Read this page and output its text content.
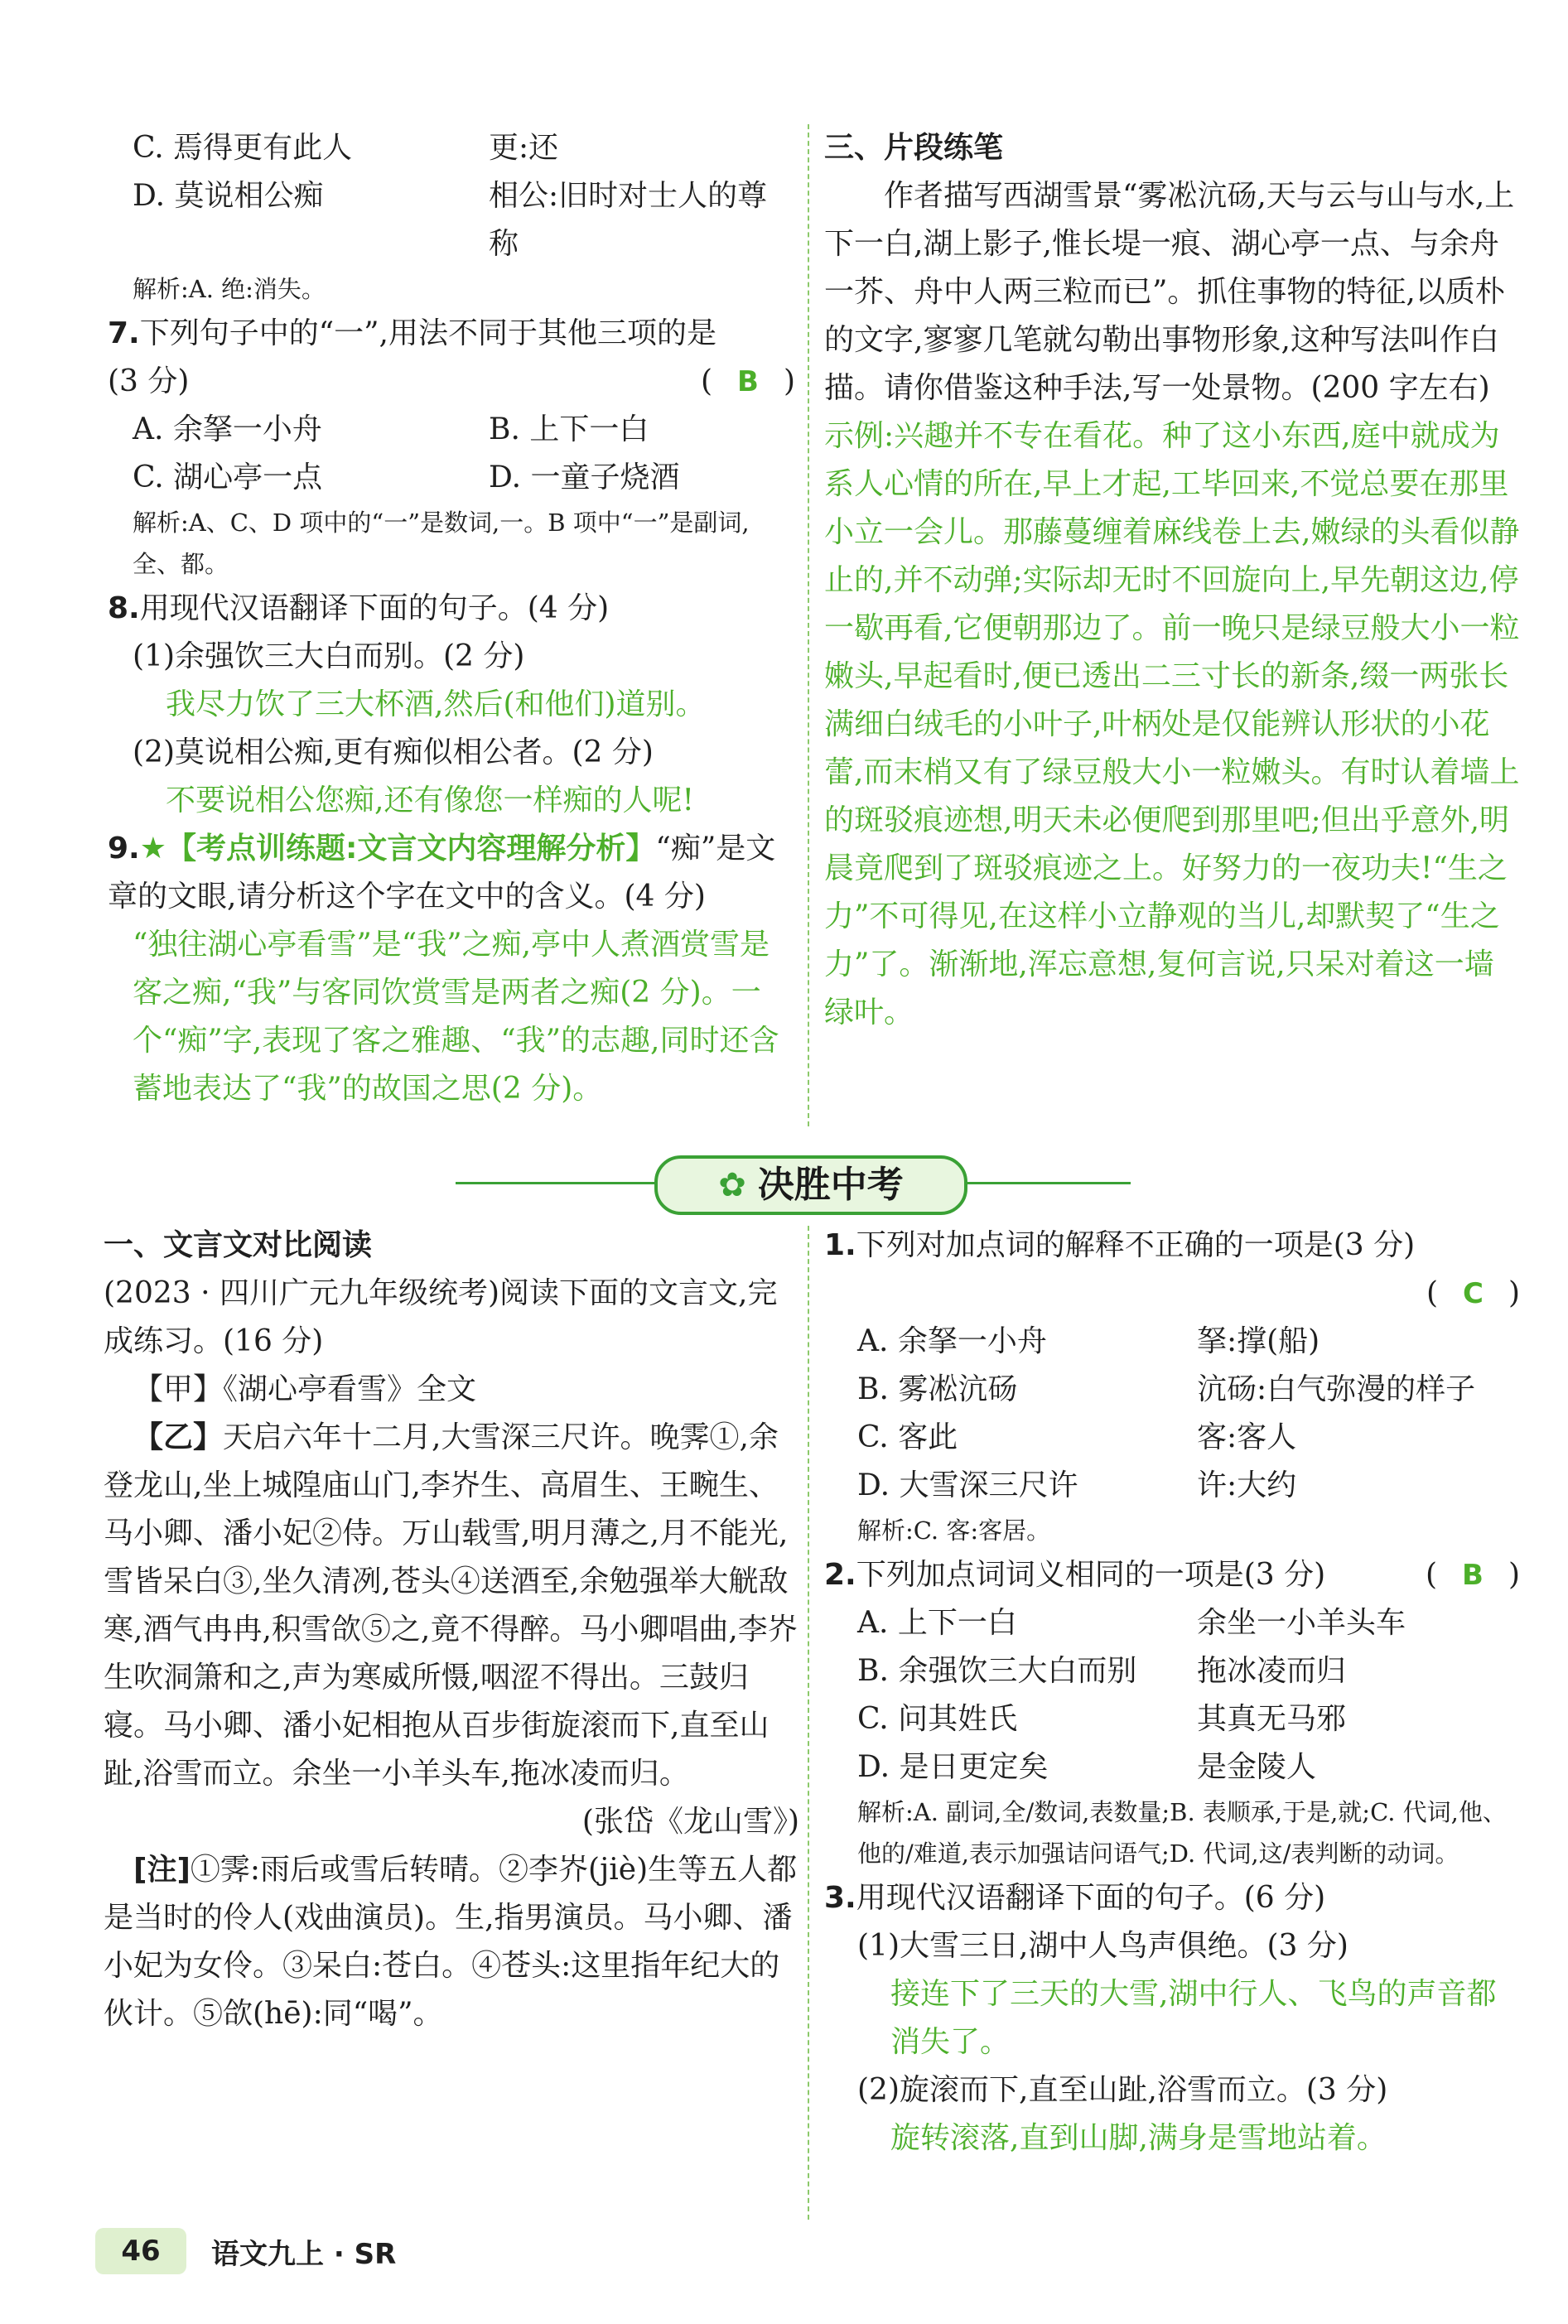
C. 焉得更有此人	更:还
D. 莫说相公痴	相公:旧时对士人的尊称

解析:A. 绝:消失。

7.下列句子中的“一”,用法不同于其他三项的是

(3 分)	( B )
A. 余拏一小舟	B. 上下一白
C. 湖心亭一点	D. 一童子烧酒

解析:A、C、D 项中的“一”是数词,一。B 项中“一”是副词,全、都。

8.用现代汉语翻译下面的句子。(4 分)

(1)余强饮三大白而别。(2 分)

我尽力饮了三大杯酒,然后(和他们)道别。

(2)莫说相公痴,更有痴似相公者。(2 分)

不要说相公您痴,还有像您一样痴的人呢!

9.★【考点训练题:文言文内容理解分析】“痴”是文章的文眼,请分析这个字在文中的含义。(4 分)

“独往湖心亭看雪”是“我”之痴,亭中人煮酒赏雪是客之痴,“我”与客同饮赏雪是两者之痴(2 分)。一个“痴”字,表现了客之雅趣、“我”的志趣,同时还含蓄地表达了“我”的故国之思(2 分)。

三、片段练笔

作者描写西湖雪景“雾凇沆砀,天与云与山与水,上下一白,湖上影子,惟长堤一痕、湖心亭一点、与余舟一芥、舟中人两三粒而已”。抓住事物的特征,以质朴的文字,寥寥几笔就勾勒出事物形象,这种写法叫作白描。请你借鉴这种手法,写一处景物。(200 字左右)

示例:兴趣并不专在看花。种了这小东西,庭中就成为系人心情的所在,早上才起,工毕回来,不觉总要在那里小立一会儿。那藤蔓缠着麻线卷上去,嫩绿的头看似静止的,并不动弹;实际却无时不回旋向上,早先朝这边,停一歇再看,它便朝那边了。前一晚只是绿豆般大小一粒嫩头,早起看时,便已透出二三寸长的新条,缀一两张长满细白绒毛的小叶子,叶柄处是仅能辨认形状的小花蕾,而末梢又有了绿豆般大小一粒嫩头。有时认着墙上的斑驳痕迹想,明天未必便爬到那里吧;但出乎意外,明晨竟爬到了斑驳痕迹之上。好努力的一夜功夫!“生之力”不可得见,在这样小立静观的当儿,却默契了“生之力”了。渐渐地,浑忘意想,复何言说,只呆对着这一墙绿叶。

✿ 决胜中考

一、文言文对比阅读

(2023 · 四川广元九年级统考)阅读下面的文言文,完成练习。(16 分)

【甲】《湖心亭看雪》全文

【乙】天启六年十二月,大雪深三尺许。晚霁①,余登龙山,坐上城隍庙山门,李岕生、高眉生、王畹生、马小卿、潘小妃②侍。万山载雪,明月薄之,月不能光,雪皆呆白③,坐久清冽,苍头④送酒至,余勉强举大觥敌寒,酒气冉冉,积雪欱⑤之,竟不得醉。马小卿唱曲,李岕生吹洞箫和之,声为寒威所慑,咽涩不得出。三鼓归寝。马小卿、潘小妃相抱从百步街旋滚而下,直至山趾,浴雪而立。余坐一小羊头车,拖冰凌而归。

(张岱《龙山雪》)

[注]①霁:雨后或雪后转晴。②李岕(jiè)生等五人都是当时的伶人(戏曲演员)。生,指男演员。马小卿、潘小妃为女伶。③呆白:苍白。④苍头:这里指年纪大的伙计。⑤欱(hē):同“喝”。

1.下列对加点词的解释不正确的一项是(3 分)

( C )

A. 余拏一小舟	拏:撑(船)
B. 雾凇沆砀	沆砀:白气弥漫的样子
C. 客此	客:客人
D. 大雪深三尺许	许:大约

解析:C. 客:客居。

2.下列加点词词义相同的一项是(3 分)	( B )
A. 上下一白	余坐一小羊头车
B. 余强饮三大白而别	拖冰凌而归
C. 问其姓氏	其真无马邪
D. 是日更定矣	是金陵人

解析:A. 副词,全/数词,表数量;B. 表顺承,于是,就;C. 代词,他、他的/难道,表示加强诘问语气;D. 代词,这/表判断的动词。

3.用现代汉语翻译下面的句子。(6 分)

(1)大雪三日,湖中人鸟声俱绝。(3 分)

接连下了三天的大雪,湖中行人、飞鸟的声音都消失了。

(2)旋滚而下,直至山趾,浴雪而立。(3 分)

旋转滚落,直到山脚,满身是雪地站着。

46	语文九上 · SR
